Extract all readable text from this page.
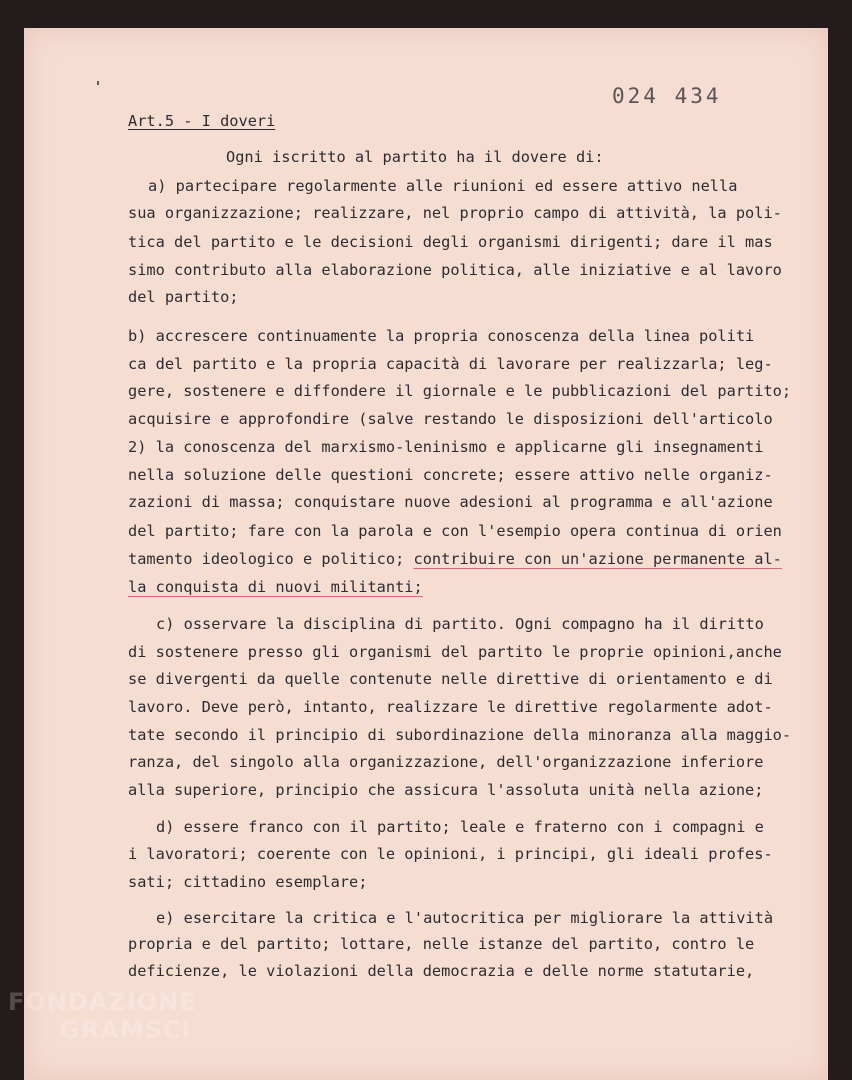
024 434
Art.5 - I doveri
Ogni iscritto al partito ha il dovere di:
a) partecipare regolarmente alle riunioni ed essere attivo nella
sua organizzazione; realizzare, nel proprio campo di attività, la poli-
tica del partito e le decisioni degli organismi dirigenti; dare il mas
simo contributo alla elaborazione politica, alle iniziative e al lavoro
del partito;
b) accrescere continuamente la propria conoscenza della linea politi
ca del partito e la propria capacità di lavorare per realizzarla; leg-
gere, sostenere e diffondere il giornale e le pubblicazioni del partito;
acquisire e approfondire (salve restando le disposizioni dell'articolo
2) la conoscenza del marxismo-leninismo e applicarne gli insegnamenti
nella soluzione delle questioni concrete; essere attivo nelle organiz-
zazioni di massa; conquistare nuove adesioni al programma e all'azione
del partito; fare con la parola e con l'esempio opera continua di orien
tamento ideologico e politico; contribuire con un'azione permanente al-
la conquista di nuovi militanti;
c) osservare la disciplina di partito. Ogni compagno ha il diritto
di sostenere presso gli organismi del partito le proprie opinioni,anche
se divergenti da quelle contenute nelle direttive di orientamento e di
lavoro. Deve però, intanto, realizzare le direttive regolarmente adot-
tate secondo il principio di subordinazione della minoranza alla maggio-
ranza, del singolo alla organizzazione, dell'organizzazione inferiore
alla superiore, principio che assicura l'assoluta unità nella azione;
d) essere franco con il partito; leale e fraterno con i compagni e
i lavoratori; coerente con le opinioni, i principi, gli ideali profes-
sati; cittadino esemplare;
e) esercitare la critica e l'autocritica per migliorare la attività
propria e del partito; lottare, nelle istanze del partito, contro le
deficienze, le violazioni della democrazia e delle norme statutarie,
FONDAZIONE
GRAMSCI
